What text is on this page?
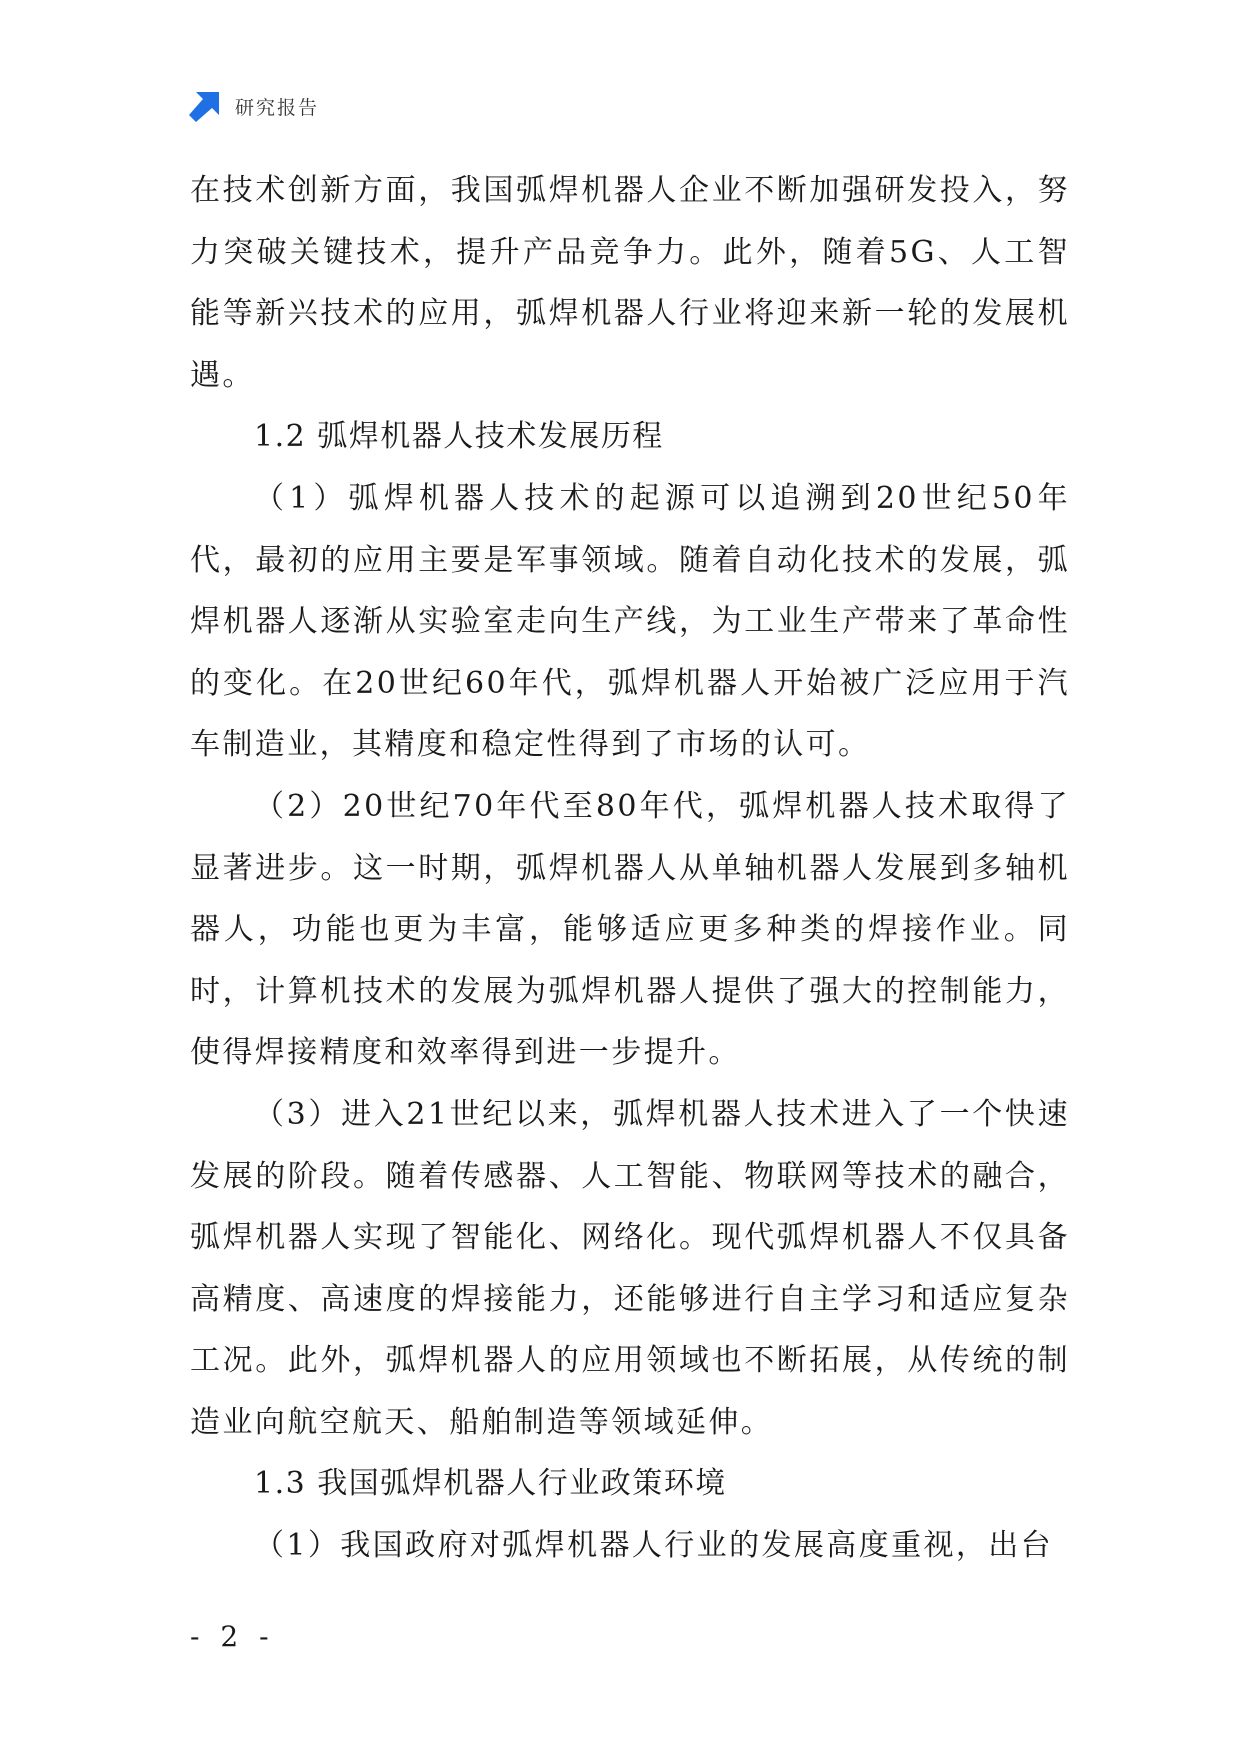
研究报告

在技术创新方面，我国弧焊机器人企业不断加强研发投入，努力突破关键技术，提升产品竞争力。此外，随着5G、人工智能等新兴技术的应用，弧焊机器人行业将迎来新一轮的发展机遇。

1.2 弧焊机器人技术发展历程

（1）弧焊机器人技术的起源可以追溯到20世纪50年代，最初的应用主要是军事领域。随着自动化技术的发展，弧焊机器人逐渐从实验室走向生产线，为工业生产带来了革命性的变化。在20世纪60年代，弧焊机器人开始被广泛应用于汽车制造业，其精度和稳定性得到了市场的认可。

（2）20世纪70年代至80年代，弧焊机器人技术取得了显著进步。这一时期，弧焊机器人从单轴机器人发展到多轴机器人，功能也更为丰富，能够适应更多种类的焊接作业。同时，计算机技术的发展为弧焊机器人提供了强大的控制能力，使得焊接精度和效率得到进一步提升。

（3）进入21世纪以来，弧焊机器人技术进入了一个快速发展的阶段。随着传感器、人工智能、物联网等技术的融合，弧焊机器人实现了智能化、网络化。现代弧焊机器人不仅具备高精度、高速度的焊接能力，还能够进行自主学习和适应复杂工况。此外，弧焊机器人的应用领域也不断拓展，从传统的制造业向航空航天、船舶制造等领域延伸。

1.3 我国弧焊机器人行业政策环境

（1）我国政府对弧焊机器人行业的发展高度重视，出台

- 2 -
